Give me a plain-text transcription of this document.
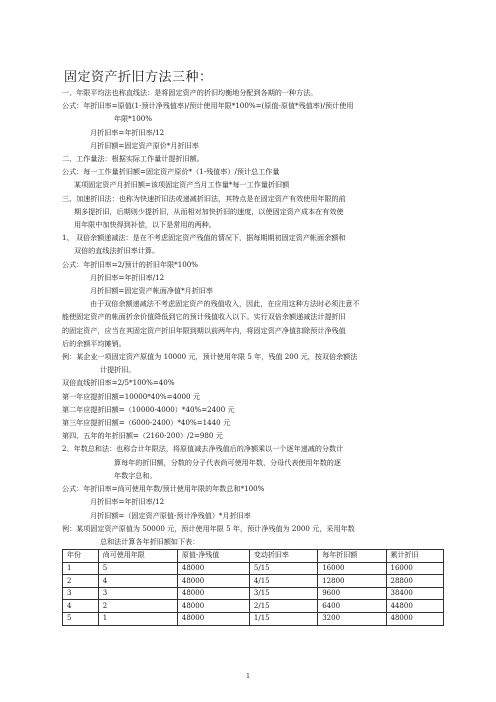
固定资产折旧方法三种：
一、年限平均法也称直线法：是将固定资产的折旧均衡地分配到各期的一种方法。
公式：年折旧率=原值(1-预计净残值率)/预计使用年限*100%=(原值-原值*残值率)/预计使用
年限*100%
月折旧率=年折旧率/12
月折旧额=固定资产原价*月折旧率
二、工作量法：根据实际工作量计提折旧额。
公式：每一工作量折旧额=固定资产原价*（1-残值率）/预计总工作量
某项固定资产月折旧额=该项固定资产当月工作量*每一工作量折旧额
三、加速折旧法：也称为快速折旧法或递减折旧法，其特点是在固定资产有效使用年限的前
期多提折旧，后期则少提折旧，从而相对加快折旧的速度，以使固定资产成本在有效使
用年限中加快得到补偿，以下是常用的两种。
1、 双倍余额递减法：是在不考虑固定资产残值的情况下，据每期期初固定资产帐面余额和
双倍的直线法折旧率计算。
公式：年折旧率=2/预计的折旧年限*100%
月折旧率=年折旧率/12
月折旧额=固定资产帐面净值*月折旧率
由于双倍余额递减法不考虑固定资产的残值收入，因此，在应用这种方法时必须注意不
能使固定资产的帐面折余价值降低到它的预计残值收入以下。实行双倍余额递减法计提折旧
的固定资产，应当在其固定资产折旧年限到期以前两年内，将固定资产净值扣除预计净残值
后的余额平均摊销。
例：某企业一项固定资产原值为 10000 元，预计使用年限 5 年，残值 200 元，按双倍余额法
计提折旧。
双倍直线折旧率=2/5*100%=40%
第一年应提折旧额=10000*40%=4000 元
第二年应提折旧额=（10000-4000）*40%=2400 元
第三年应提折旧额=（6000-2400）*40%=1440 元
第四、五年的年折旧额=（2160-200）/2=980 元
2、年数总和法：也称合计年限法，将原值减去净残值后的净额乘以一个逐年递减的分数计
算每年的折旧额，分数的分子代表尚可使用年数，分母代表使用年数的逐
年数字总和。
公式：年折旧率=尚可使用年数/预计使用年限的年数总和*100%
月折旧率=年折旧率/12
月折旧额=（固定资产原值-预计净残值）*月折旧率
例：某项固定资产原值为 50000 元，预计使用年限 5 年，预计净残值为 2000 元，采用年数
总和法计算各年折旧额如下表：
年份	尚可使用年限	原值-净残值	变动折旧率	每年折旧额	累计折旧
1	5	48000	5/15	16000	16000
2	4	48000	4/15	12800	28800
3	3	48000	3/15	9600	38400
4	2	48000	2/15	6400	44800
5	1	48000	1/15	3200	48000
1
